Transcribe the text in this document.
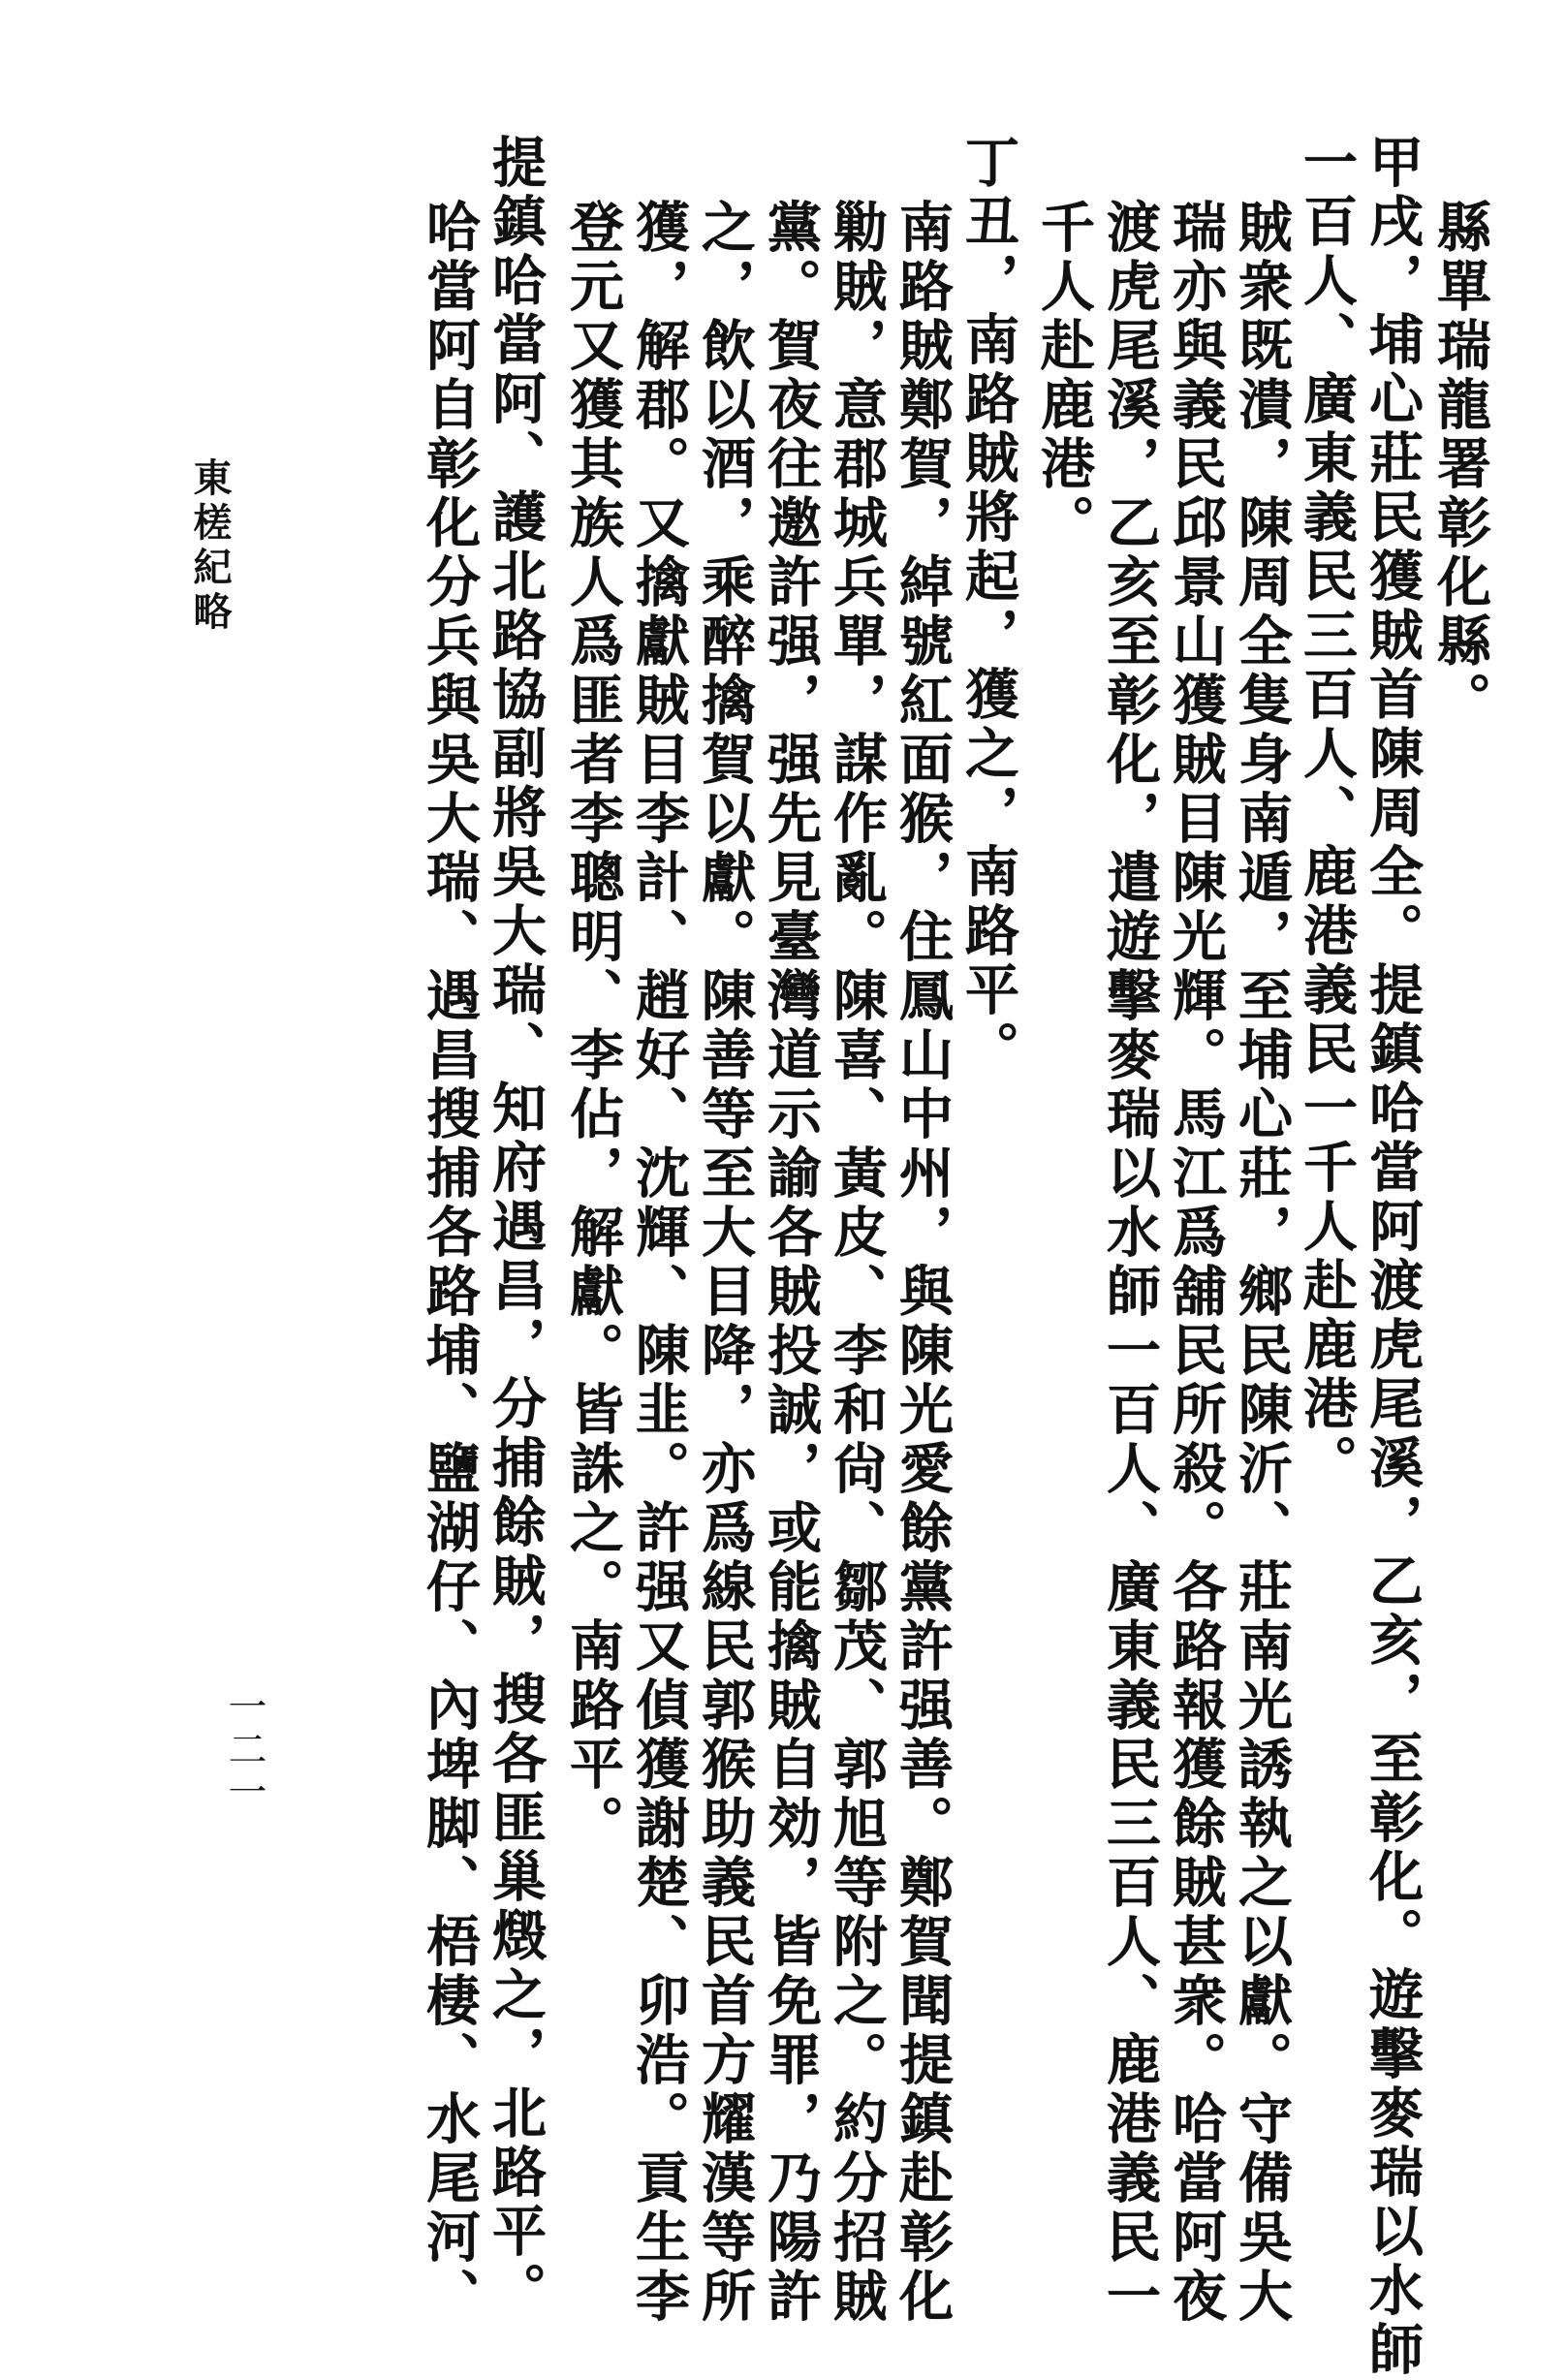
縣單瑞龍署彰化縣。
甲戌，埔心莊民獲賊首陳周全。提鎮哈當阿渡虎尾溪，乙亥，至彰化。遊擊麥瑞以水師
一百人、廣東義民三百人、鹿港義民一千人赴鹿港。
賊衆既潰，陳周全隻身南遁，至埔心莊，鄉民陳沂、莊南光誘執之以獻。守備吳大
瑞亦與義民邱景山獲賊目陳光輝。馬江爲舖民所殺。各路報獲餘賊甚衆。哈當阿夜
渡虎尾溪，乙亥至彰化，遣遊擊麥瑞以水師一百人、廣東義民三百人、鹿港義民一
千人赴鹿港。
丁丑，南路賊將起，獲之，南路平。
南路賊鄭賀，綽號紅面猴，住鳳山中州，與陳光愛餘黨許强善。鄭賀聞提鎮赴彰化
勦賊，意郡城兵單，謀作亂。陳喜、黃皮、李和尙、鄒茂、郭旭等附之。約分招賊
黨。賀夜往邀許强，强先見臺灣道示諭各賊投誠，或能擒賊自効，皆免罪，乃陽許
之，飲以酒，乘醉擒賀以獻。陳善等至大目降，亦爲線民郭猴助義民首方耀漢等所
獲，解郡。又擒獻賊目李計、趙好、沈輝、陳韭。許强又偵獲謝楚、卯浩。貢生李
登元又獲其族人爲匪者李聰明、李佔，解獻。皆誅之。南路平。
提鎮哈當阿、護北路協副將吳大瑞、知府遇昌，分捕餘賊，搜各匪巢燬之，北路平。
哈當阿自彰化分兵與吳大瑞、遇昌搜捕各路埔、鹽湖仔、內埤脚、梧棲、水尾河、
東槎紀略
一二一
